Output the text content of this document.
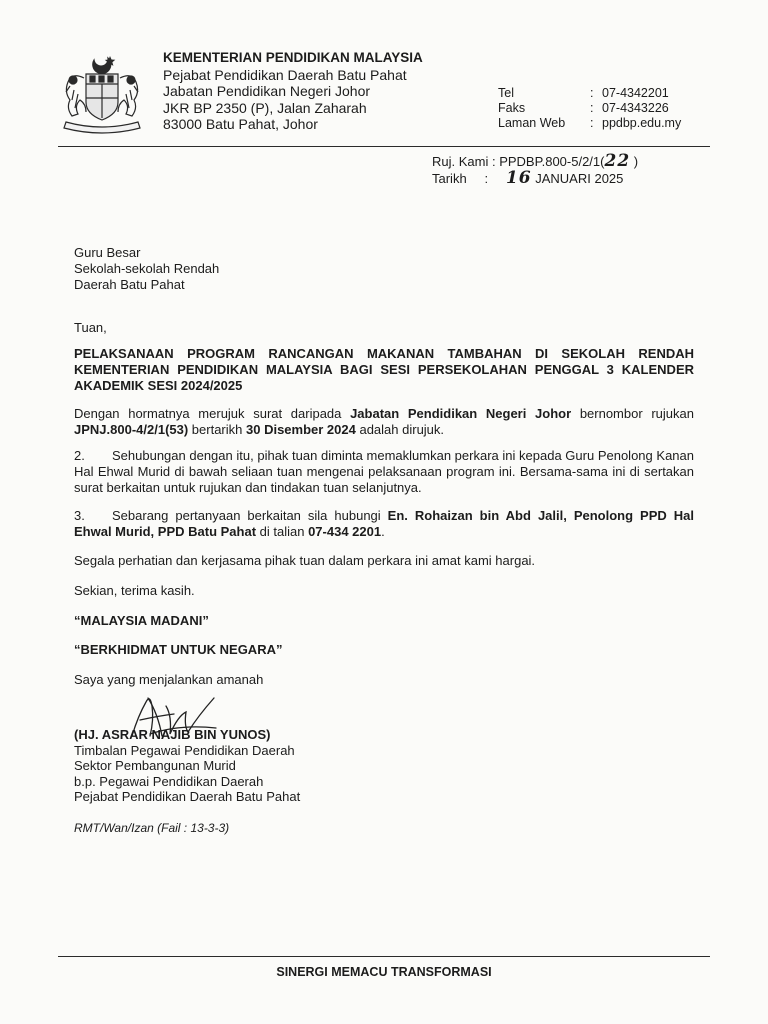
KEMENTERIAN PENDIDIKAN MALAYSIA
Pejabat Pendidikan Daerah Batu Pahat
Jabatan Pendidikan Negeri Johor
JKR BP 2350 (P), Jalan Zaharah
83000 Batu Pahat, Johor
Tel	: 07-4342201
Faks	: 07-4343226
Laman Web	: ppdbp.edu.my
Ruj. Kami : PPDBP.800-5/2/1(22 )
Tarikh : 16 JANUARI 2025
Guru Besar
Sekolah-sekolah Rendah
Daerah Batu Pahat
Tuan,
PELAKSANAAN PROGRAM RANCANGAN MAKANAN TAMBAHAN DI SEKOLAH RENDAH KEMENTERIAN PENDIDIKAN MALAYSIA BAGI SESI PERSEKOLAHAN PENGGAL 3 KALENDER AKADEMIK SESI 2024/2025
Dengan hormatnya merujuk surat daripada Jabatan Pendidikan Negeri Johor bernombor rujukan JPNJ.800-4/2/1(53) bertarikh 30 Disember 2024 adalah dirujuk.
2. Sehubungan dengan itu, pihak tuan diminta memaklumkan perkara ini kepada Guru Penolong Kanan Hal Ehwal Murid di bawah seliaan tuan mengenai pelaksanaan program ini. Bersama-sama ini di sertakan surat berkaitan untuk rujukan dan tindakan tuan selanjutnya.
3. Sebarang pertanyaan berkaitan sila hubungi En. Rohaizan bin Abd Jalil, Penolong PPD Hal Ehwal Murid, PPD Batu Pahat di talian 07-434 2201.
Segala perhatian dan kerjasama pihak tuan dalam perkara ini amat kami hargai.
Sekian, terima kasih.
“MALAYSIA MADANI”
“BERKHIDMAT UNTUK NEGARA”
Saya yang menjalankan amanah
(HJ. ASRAR NAJIB BIN YUNOS)
Timbalan Pegawai Pendidikan Daerah
Sektor Pembangunan Murid
b.p. Pegawai Pendidikan Daerah
Pejabat Pendidikan Daerah Batu Pahat
RMT/Wan/Izan (Fail : 13-3-3)
SINERGI MEMACU TRANSFORMASI
